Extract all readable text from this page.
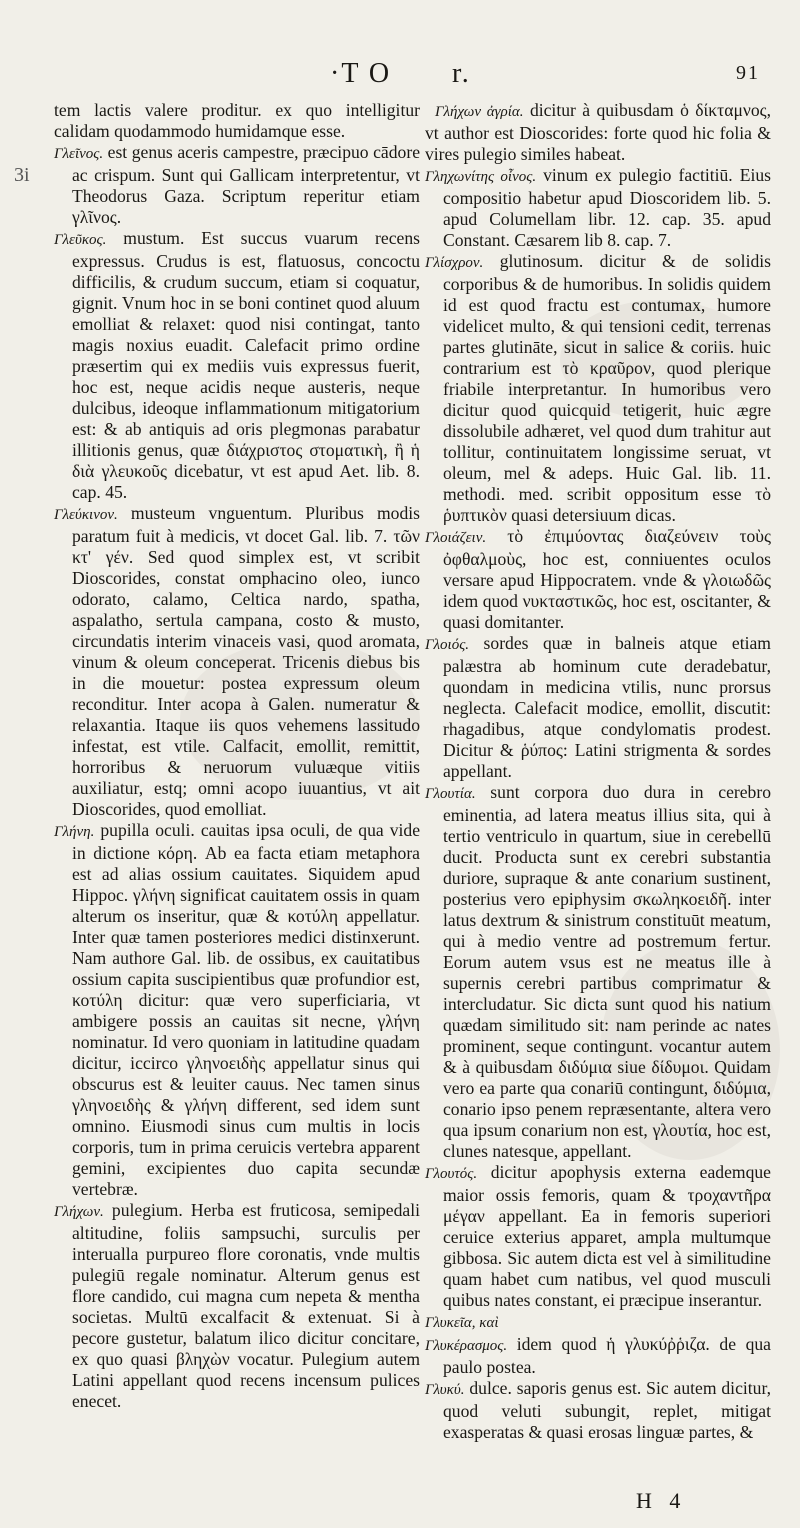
·T O r.	91
3i

tem lactis valere proditur. ex quo intelligitur calidam quodammodo humidamque esse.

Γλεῖνος. est genus aceris campestre, præcipuo cādore ac crispum. Sunt qui Gallicam interpretentur, vt Theodorus Gaza. Scriptum reperitur etiam γλῖνος.

Γλεῦκος. mustum. Est succus vuarum recens expressus. Crudus is est, flatuosus, concoctu difficilis, & crudum succum, etiam si coquatur, gignit. Vnum hoc in se boni continet quod aluum emolliat & relaxet: quod nisi contingat, tanto magis noxius euadit. Calefacit primo ordine præsertim qui ex mediis vuis expressus fuerit, hoc est, neque acidis neque austeris, neque dulcibus, ideoque inflammationum mitigatorium est: & ab antiquis ad oris plegmonas parabatur illitionis genus, quæ διάχριστος στοματικὴ, ἢ ἡ διὰ γλευκοῦς dicebatur, vt est apud Aet. lib. 8. cap. 45.

Γλεύκινον. musteum vnguentum. Pluribus modis paratum fuit à medicis, vt docet Gal. lib. 7. τῶν κτ' γέν. Sed quod simplex est, vt scribit Dioscorides, constat omphacino oleo, iunco odorato, calamo, Celtica nardo, spatha, aspalatho, sertula campana, costo & musto, circundatis interim vinaceis vasi, quod aromata, vinum & oleum conceperat. Tricenis diebus bis in die mouetur: postea expressum oleum reconditur. Inter acopa à Galen. numeratur & relaxantia. Itaque iis quos vehemens lassitudo infestat, est vtile. Calfacit, emollit, remittit, horroribus & neruorum vuluæque vitiis auxiliatur, estq; omni acopo iuuantius, vt ait Dioscorides, quod emolliat.

Γλήνη. pupilla oculi. cauitas ipsa oculi, de qua vide in dictione κόρη. Ab ea facta etiam metaphora est ad alias ossium cauitates. Siquidem apud Hippoc. γλήνη significat cauitatem ossis in quam alterum os inseritur, quæ & κοτύλη appellatur. Inter quæ tamen posteriores medici distinxerunt. Nam authore Gal. lib. de ossibus, ex cauitatibus ossium capita suscipientibus quæ profundior est, κοτύλη dicitur: quæ vero superficiaria, vt ambigere possis an cauitas sit necne, γλήνη nominatur. Id vero quoniam in latitudine quadam dicitur, iccirco γληνοειδὴς appellatur sinus qui obscurus est & leuiter cauus. Nec tamen sinus γληνοειδὴς & γλήνη different, sed idem sunt omnino. Eiusmodi sinus cum multis in locis corporis, tum in prima ceruicis vertebra apparent gemini, excipientes duo capita secundæ vertebræ.

Γλήχων. pulegium. Herba est fruticosa, semipedali altitudine, foliis sampsuchi, surculis per interualla purpureo flore coronatis, vnde multis pulegiū regale nominatur. Alterum genus est flore candido, cui magna cum nepeta & mentha societas. Multū excalfacit & extenuat. Si à pecore gustetur, balatum ilico dicitur concitare, ex quo quasi βληχὼν vocatur. Pulegium autem Latini appellant quod recens incensum pulices enecet.

Γλήχων ἀγρία. dicitur à quibusdam ὁ δίκταμνος, vt author est Dioscorides: forte quod hic folia & vires pulegio similes habeat.

Γληχωνίτης οἶνος. vinum ex pulegio factitiū. Eius compositio habetur apud Dioscoridem lib. 5. apud Columellam libr. 12. cap. 35. apud Constant. Cæsarem lib 8. cap. 7.

Γλίσχρον. glutinosum. dicitur & de solidis corporibus & de humoribus. In solidis quidem id est quod fractu est contumax, humore videlicet multo, & qui tensioni cedit, terrenas partes glutināte, sicut in salice & coriis. huic contrarium est τὸ κραῦρον, quod plerique friabile interpretantur. In humoribus vero dicitur quod quicquid tetigerit, huic ægre dissolubile adhæret, vel quod dum trahitur aut tollitur, continuitatem longissime seruat, vt oleum, mel & adeps. Huic Gal. lib. 11. methodi. med. scribit oppositum esse τὸ ῥυπτικὸν quasi detersiuum dicas.

Γλοιάζειν. τὸ ἐπιμύοντας διαζεύνειν τοὺς ὀφθαλμοὺς, hoc est, conniuentes oculos versare apud Hippocratem. vnde & γλοιωδῶς idem quod νυκταστικῶς, hoc est, oscitanter, & quasi domitanter.

Γλοιός. sordes quæ in balneis atque etiam palæstra ab hominum cute deradebatur, quondam in medicina vtilis, nunc prorsus neglecta. Calefacit modice, emollit, discutit: rhagadibus, atque condylomatis prodest. Dicitur & ῥύπος: Latini strigmenta & sordes appellant.

Γλουτία. sunt corpora duo dura in cerebro eminentia, ad latera meatus illius sita, qui à tertio ventriculo in quartum, siue in cerebellū ducit. Producta sunt ex cerebri substantia duriore, supraque & ante conarium sustinent, posterius vero epiphysim σκωληκοειδῆ. inter latus dextrum & sinistrum constituūt meatum, qui à medio ventre ad postremum fertur. Eorum autem vsus est ne meatus ille à supernis cerebri partibus comprimatur & intercludatur. Sic dicta sunt quod his natium quædam similitudo sit: nam perinde ac nates prominent, seque contingunt. vocantur autem & à quibusdam διδύμια siue δίδυμοι. Quidam vero ea parte qua conariū contingunt, διδύμια, conario ipso penem repræsentante, altera vero qua ipsum conarium non est, γλουτία, hoc est, clunes natesque, appellant.

Γλουτός. dicitur apophysis externa eademque maior ossis femoris, quam & τροχαντῆρα μέγαν appellant. Ea in femoris superiori ceruice exterius apparet, ampla multumque gibbosa. Sic autem dicta est vel à similitudine quam habet cum natibus, vel quod musculi quibus nates constant, ei præcipue inserantur.

Γλυκεῖα, καὶ

Γλυκέρασμος. idem quod ἡ γλυκύῤῥιζα. de qua paulo postea.

Γλυκύ. dulce. saporis genus est. Sic autem dicitur, quod veluti subungit, replet, mitigat exasperatas & quasi erosas linguæ partes, &

H 4
